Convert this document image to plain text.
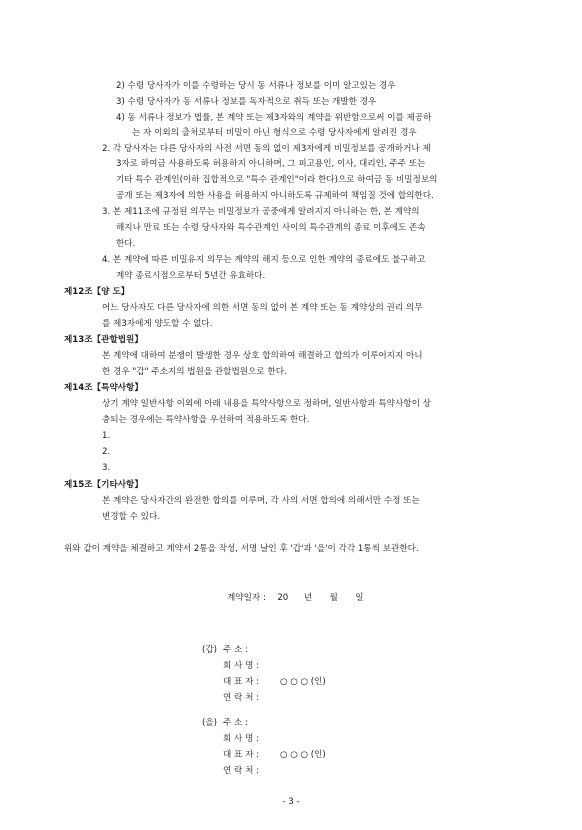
2) 수령 당사자가 이를 수령하는 당시 동 서류나 정보를 이미 알고있는 경우
3) 수령 당사자가 동 서류나 정보를 독자적으로 취득 또는 개발한 경우
4) 동 서류나 정보가 법률, 본 계약 또는 제3자와의 계약을 위반함으로써 이를 제공하
는 자 이외의 출처로부터 비밀이 아닌 형식으로 수령 당사자에게 알려진 경우
2. 각 당사자는 다른 당사자의 사전 서면 동의 없이 제3자에게 비밀정보를 공개하거나 제
3자로 하여금 사용하도록 허용하지 아니하며, 그 피고용인, 이사, 대리인, 주주 또는
기타 특수 관계인(이하 집합적으로 "특수 관계인"이라 한다)으로 하여금 동 비밀정보의
공개 또는 제3자에 의한 사용을 허용하지 아니하도록 규제하여 책임질 것에 합의한다.
3. 본 제11조에 규정된 의무는 비밀정보가 공중에게 알려지지 아니하는 한, 본 계약의
해지나 만료 또는 수령 당사자와 특수관계인 사이의 특수관계의 종료 이후에도 존속
한다.
4. 본 계약에 따른 비밀유지 의무는 계약의 해지 등으로 인한 계약의 종료에도 불구하고
계약 종료시점으로부터 5년간 유효하다.
제12조【양 도】
어느 당사자도 다른 당사자에 의한 서면 동의 없이 본 계약 또는 동 계약상의 권리 의무
를 제3자에게 양도할 수 없다.
제13조【관할법원】
본 계약에 대하여 분쟁이 발생한 경우 상호 합의하여 해결하고 합의가 이루어지지 아니
한 경우 "갑" 주소지의 법원을 관할법원으로 한다.
제14조【특약사항】
상기 계약 일반사항 이외에 아래 내용을 특약사항으로 정하며, 일반사항과 특약사항이 상
충되는 경우에는 특약사항을 우선하여 적용하도록 한다.
1.
2.
3.
제15조【기타사항】
본 계약은 당사자간의 완전한 합의를 이루며, 각 사의 서면 합의에 의해서만 수정 또는
변경할 수 있다.
위와 같이 계약을 체결하고 계약서 2통을 작성, 서명 날인 후 '갑'과 '을'이 각각 1통씩 보관한다.
계약일자 : 20 년 월 일
(갑) 주 소 :
회 사 명 :
대 표 자 : ○ ○ ○ (인)
연 락 처 :
(을) 주 소 :
회 사 명 :
대 표 자 : ○ ○ ○ (인)
연 락 처 :
- 3 -
